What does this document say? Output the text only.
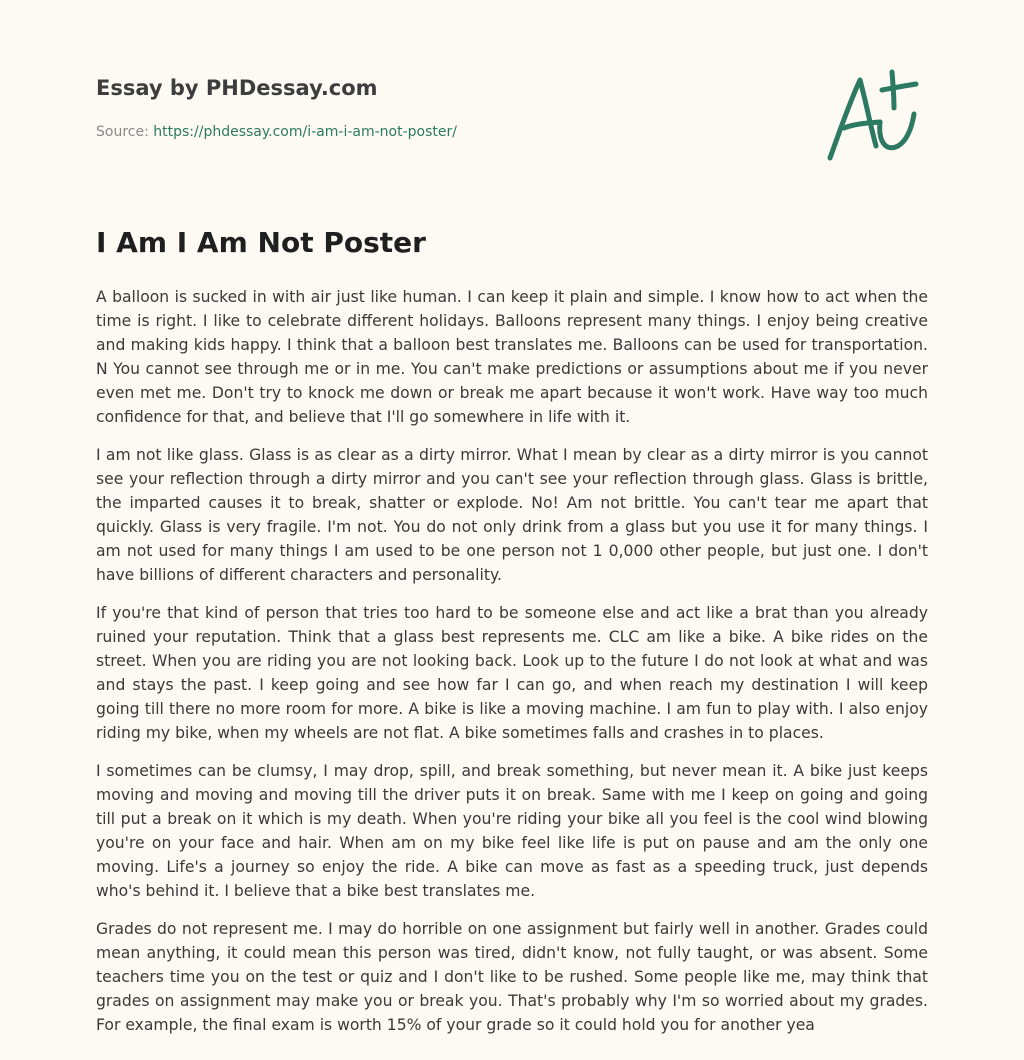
Essay by PHDessay.com
Source: https://phdessay.com/i-am-i-am-not-poster/
I Am I Am Not Poster

A balloon is sucked in with air just like human. I can keep it plain and simple. I know how to act when the time is right. I like to celebrate different holidays. Balloons represent many things. I enjoy being creative and making kids happy. I think that a balloon best translates me. Balloons can be used for transportation. N You cannot see through me or in me. You can't make predictions or assumptions about me if you never even met me. Don't try to knock me down or break me apart because it won't work. Have way too much confidence for that, and believe that I'll go somewhere in life with it.

I am not like glass. Glass is as clear as a dirty mirror. What I mean by clear as a dirty mirror is you cannot see your reflection through a dirty mirror and you can't see your reflection through glass. Glass is brittle, the imparted causes it to break, shatter or explode. No! Am not brittle. You can't tear me apart that quickly. Glass is very fragile. I'm not. You do not only drink from a glass but you use it for many things. I am not used for many things I am used to be one person not 1 0,000 other people, but just one. I don't have billions of different characters and personality.

If you're that kind of person that tries too hard to be someone else and act like a brat than you already ruined your reputation. Think that a glass best represents me. CLC am like a bike. A bike rides on the street. When you are riding you are not looking back. Look up to the future I do not look at what and was and stays the past. I keep going and see how far I can go, and when reach my destination I will keep going till there no more room for more. A bike is like a moving machine. I am fun to play with. I also enjoy riding my bike, when my wheels are not flat. A bike sometimes falls and crashes in to places.

I sometimes can be clumsy, I may drop, spill, and break something, but never mean it. A bike just keeps moving and moving and moving till the driver puts it on break. Same with me I keep on going and going till put a break on it which is my death. When you're riding your bike all you feel is the cool wind blowing you're on your face and hair. When am on my bike feel like life is put on pause and am the only one moving. Life's a journey so enjoy the ride. A bike can move as fast as a speeding truck, just depends who's behind it. I believe that a bike best translates me.

Grades do not represent me. I may do horrible on one assignment but fairly well in another. Grades could mean anything, it could mean this person was tired, didn't know, not fully taught, or was absent. Some teachers time you on the test or quiz and I don't like to be rushed. Some people like me, may think that grades on assignment may make you or break you. That's probably why I'm so worried about my grades. For example, the final exam is worth 15% of your grade so it could hold you for another yea
